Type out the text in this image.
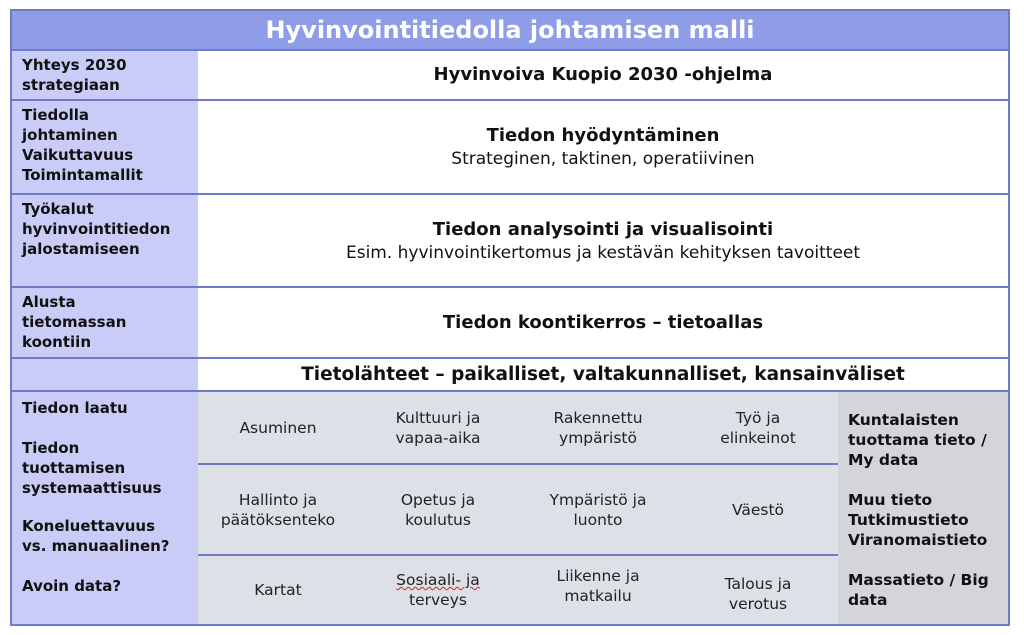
Hyvinvointitiedolla johtamisen malli

Yhteys 2030

strategiaan	Hyvinvoiva Kuopio 2030 -ohjelma

Tiedolla

johtaminen

Vaikuttavuus

Toimintamallit

Tiedon hyödyntäminen
Strateginen, taktinen, operatiivinen

Työkalut

hyvinvointitiedon

jalostamiseen

Tiedon analysointi ja visualisointi
Esim. hyvinvointikertomus ja kestävän kehityksen tavoitteet

Alusta

tietomassan

koontiin

Tiedon koontikerros – tietoallas
Tietolähteet – paikalliset, valtakunnalliset, kansainväliset

Tiedon laatu

Tiedon

tuottamisen

systemaattisuus

Koneluettavuus

vs. manuaalinen?

Avoin data?

Asuminen
Kulttuuri ja
vapaa-aika
Rakennettu
ympäristö
Työ ja
elinkeinot
Hallinto ja
päätöksenteko
Opetus ja
koulutus
Ympäristö ja
luonto
Väestö
Kartat
Sosiaali- ja
terveys
Liikenne ja
matkailu
Talous ja
verotus

Kuntalaisten
tuottama tieto /
My data

Muu tieto
Tutkimustieto
Viranomaistieto

Massatieto / Big
data
